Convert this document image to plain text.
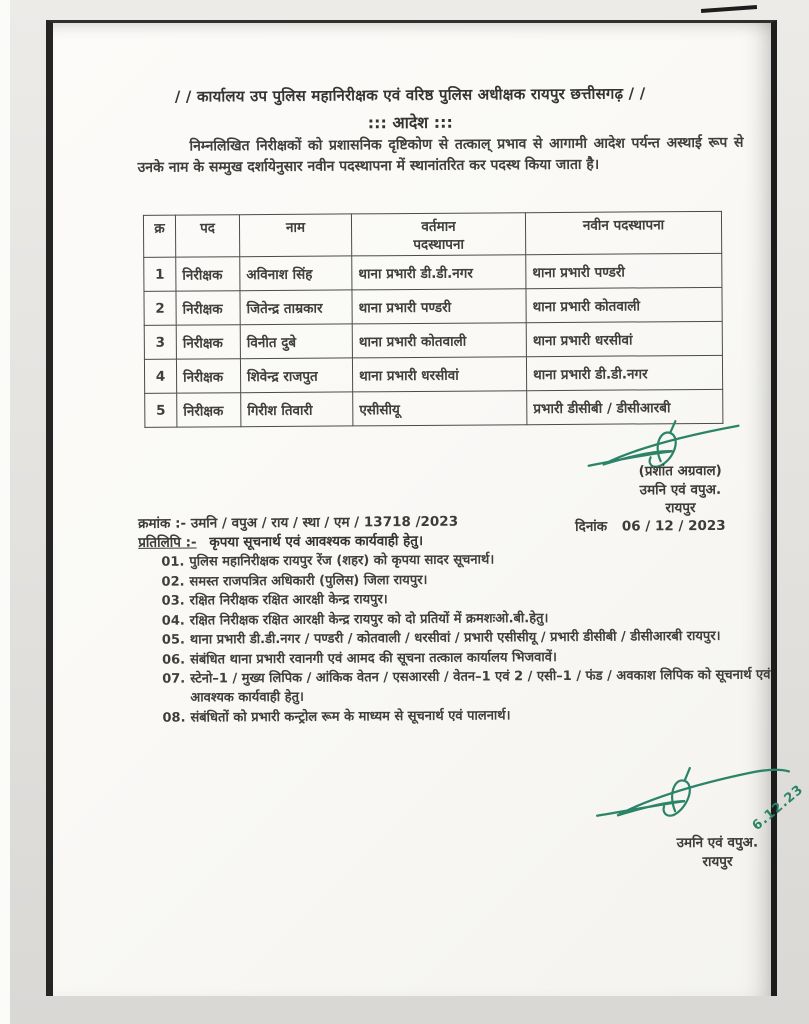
/ / कार्यालय उप पुलिस महानिरीक्षक एवं वरिष्ठ पुलिस अधीक्षक रायपुर छत्तीसगढ़ / /
::: आदेश :::

निम्नलिखित निरीक्षकों को प्रशासनिक दृष्टिकोण से तत्काल् प्रभाव से आगामी आदेश पर्यन्त अस्थाई रूप से उनके नाम के सम्मुख दर्शायेनुसार नवीन पदस्थापना में स्थानांतरित कर पदस्थ किया जाता है।

क्र	पद	नाम	वर्तमान पदस्थापना	नवीन पदस्थापना
1	निरीक्षक	अविनाश सिंह	थाना प्रभारी डी.डी.नगर	थाना प्रभारी पण्डरी
2	निरीक्षक	जितेन्द्र ताम्रकार	थाना प्रभारी पण्डरी	थाना प्रभारी कोतवाली
3	निरीक्षक	विनीत दुबे	थाना प्रभारी कोतवाली	थाना प्रभारी धरसीवां
4	निरीक्षक	शिवेन्द्र राजपुत	थाना प्रभारी धरसीवां	थाना प्रभारी डी.डी.नगर
5	निरीक्षक	गिरीश तिवारी	एसीसीयू	प्रभारी डीसीबी / डीसीआरबी
(प्रशांत अग्रवाल)
उमनि एवं वपुअ.
रायपुर
क्रमांक :- उमनि / वपुअ / राय / स्था / एम / 13718 /2023	दिनांक 06 / 12 / 2023
प्रतिलिपि :- कृपया सूचनार्थ एवं आवश्यक कार्यवाही हेतु।
01. पुलिस महानिरीक्षक रायपुर रेंज (शहर) को कृपया सादर सूचनार्थ।
02. समस्त राजपत्रित अधिकारी (पुलिस) जिला रायपुर।
03. रक्षित निरीक्षक रक्षित आरक्षी केन्द्र रायपुर।
04. रक्षित निरीक्षक रक्षित आरक्षी केन्द्र रायपुर को दो प्रतियों में क्रमशःओ.बी.हेतु।
05. थाना प्रभारी डी.डी.नगर / पण्डरी / कोतवाली / धरसीवां / प्रभारी एसीसीयू / प्रभारी डीसीबी / डीसीआरबी रायपुर।
06. संबंधित थाना प्रभारी रवानगी एवं आमद की सूचना तत्काल कार्यालय भिजवावें।
07. स्टेनो–1 / मुख्य लिपिक / आंकिक वेतन / एसआरसी / वेतन–1 एवं 2 / एसी–1 / फंड / अवकाश लिपिक को सूचनार्थ एवं आवश्यक कार्यवाही हेतु।
08. संबंधितों को प्रभारी कन्ट्रोल रूम के माध्यम से सूचनार्थ एवं पालनार्थ।
6.12.23
उमनि एवं वपुअ.
रायपुर
